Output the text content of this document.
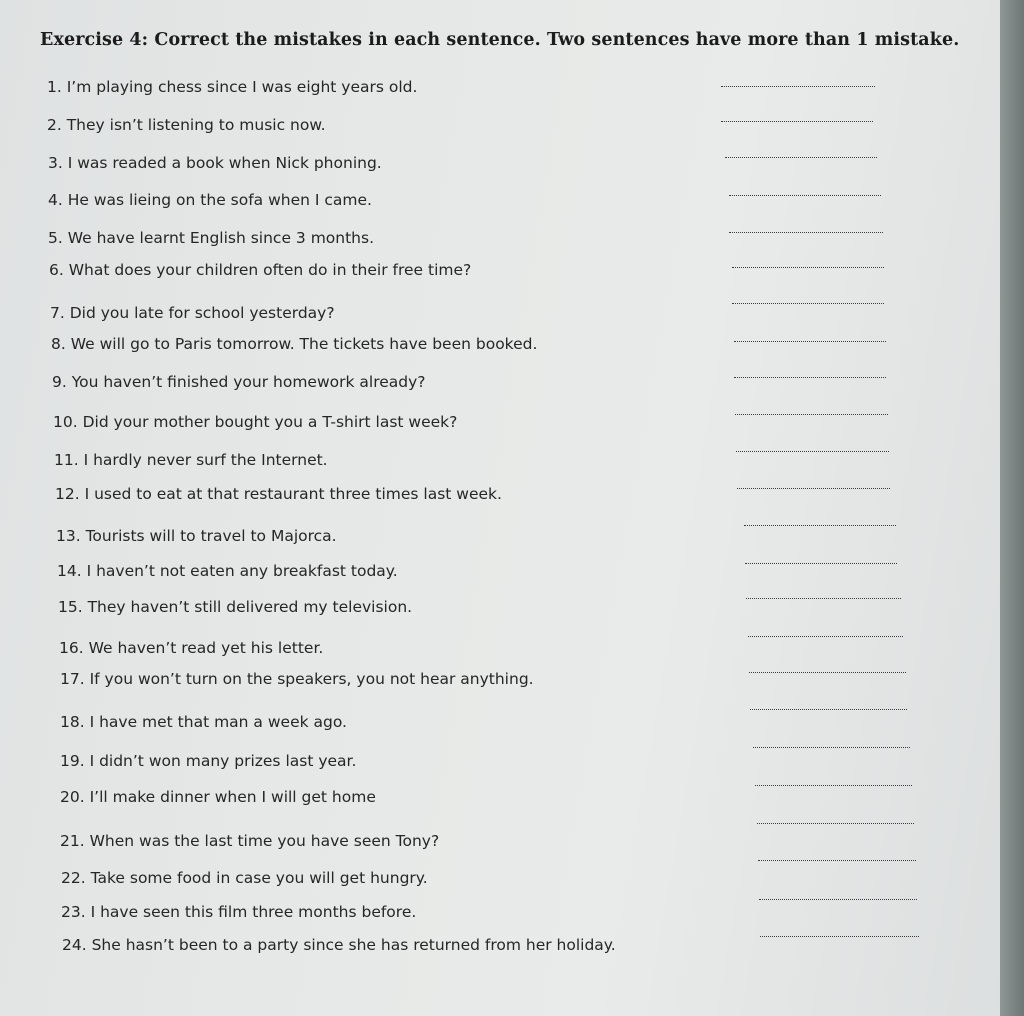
Exercise 4: Correct the mistakes in each sentence. Two sentences have more than 1 mistake.
1. I’m playing chess since I was eight years old.
2. They isn’t listening to music now.
3. I was readed a book when Nick phoning.
4. He was lieing on the sofa when I came.
5. We have learnt English since 3 months.
6. What does your children often do in their free time?
7. Did you late for school yesterday?
8. We will go to Paris tomorrow. The tickets have been booked.
9. You haven’t finished your homework already?
10. Did your mother bought you a T-shirt last week?
11. I hardly never surf the Internet.
12. I used to eat at that restaurant three times last week.
13. Tourists will to travel to Majorca.
14. I haven’t not eaten any breakfast today.
15. They haven’t still delivered my television.
16. We haven’t read yet his letter.
17. If you won’t turn on the speakers, you not hear anything.
18. I have met that man a week ago.
19. I didn’t won many prizes last year.
20. I’ll make dinner when I will get home
21. When was the last time you have seen Tony?
22. Take some food in case you will get hungry.
23. I have seen this film three months before.
24. She hasn’t been to a party since she has returned from her holiday.
